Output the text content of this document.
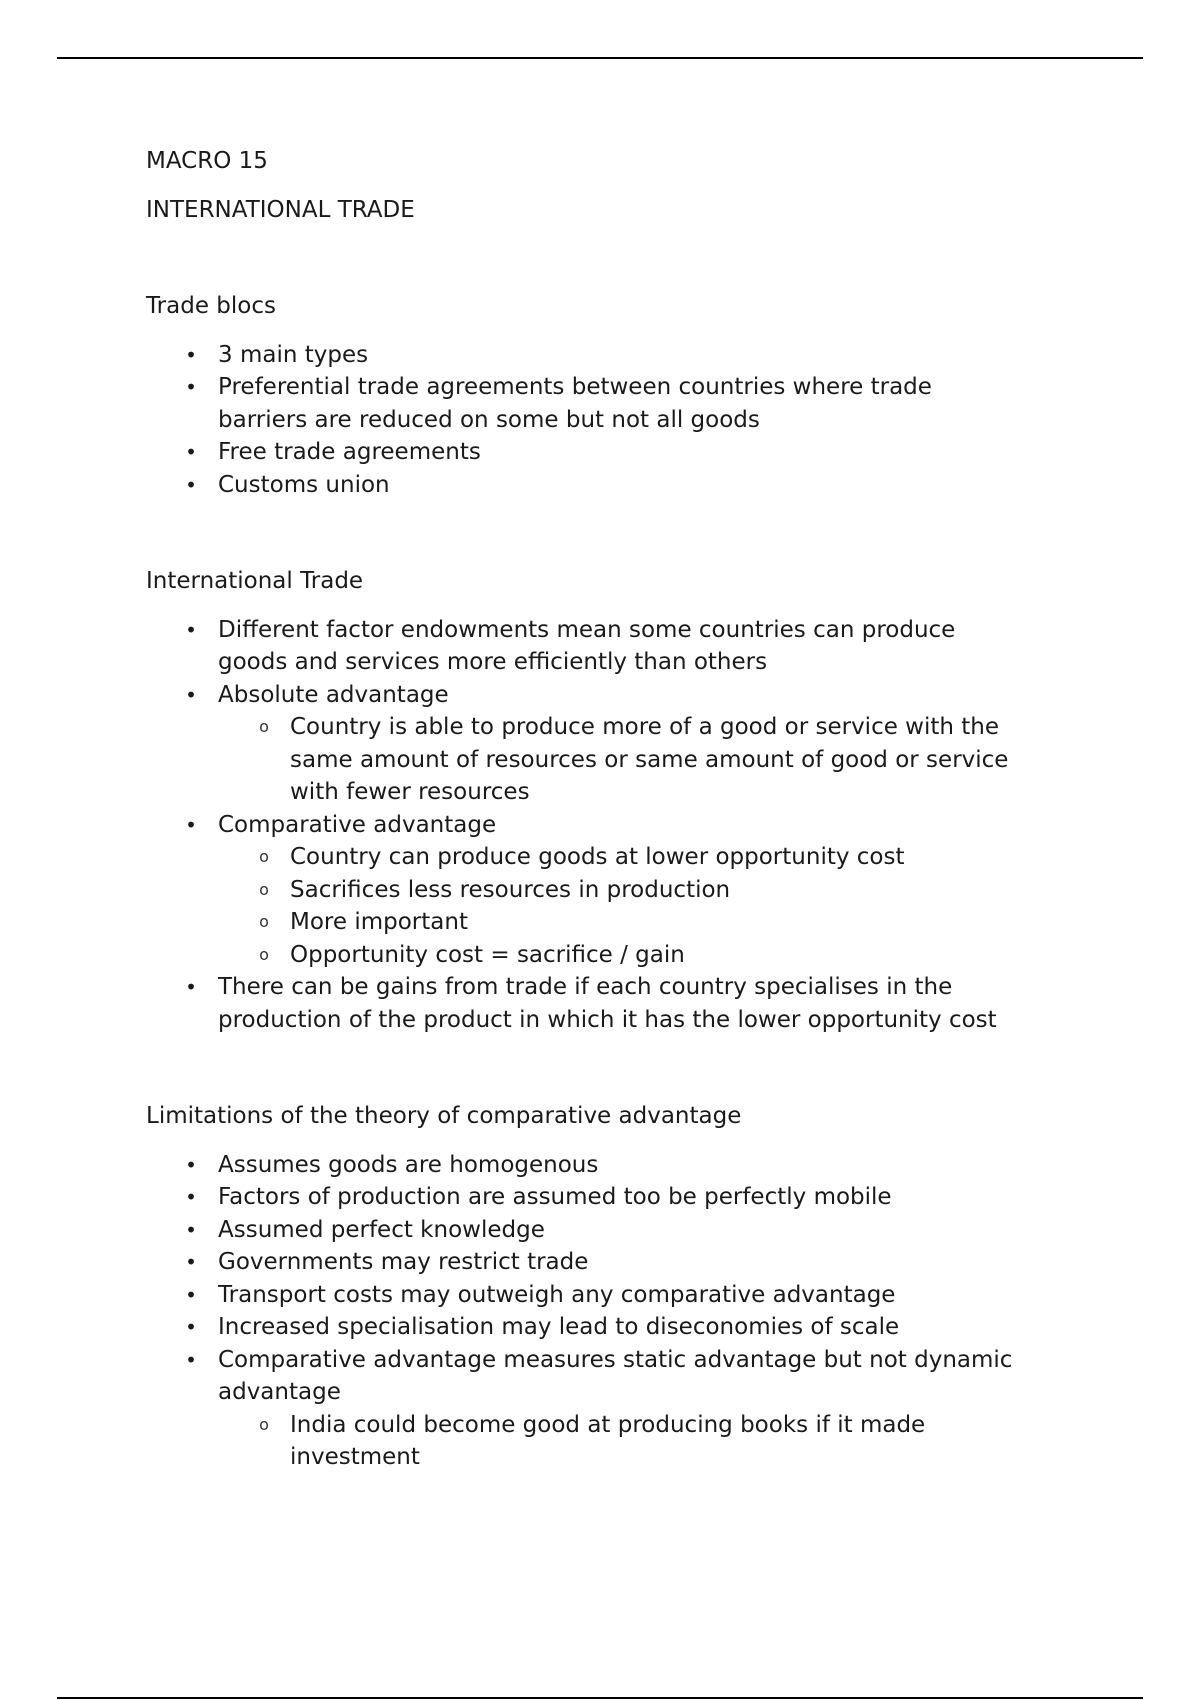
MACRO 15

INTERNATIONAL TRADE

Trade blocs

• 3 main types
• Preferential trade agreements between countries where trade barriers are reduced on some but not all goods
• Free trade agreements
• Customs union

International Trade

• Different factor endowments mean some countries can produce goods and services more efficiently than others
• Absolute advantage
o Country is able to produce more of a good or service with the same amount of resources or same amount of good or service with fewer resources
• Comparative advantage
o Country can produce goods at lower opportunity cost
o Sacrifices less resources in production
o More important
o Opportunity cost = sacrifice / gain
• There can be gains from trade if each country specialises in the production of the product in which it has the lower opportunity cost

Limitations of the theory of comparative advantage

• Assumes goods are homogenous
• Factors of production are assumed too be perfectly mobile
• Assumed perfect knowledge
• Governments may restrict trade
• Transport costs may outweigh any comparative advantage
• Increased specialisation may lead to diseconomies of scale
• Comparative advantage measures static advantage but not dynamic advantage
o India could become good at producing books if it made investment
